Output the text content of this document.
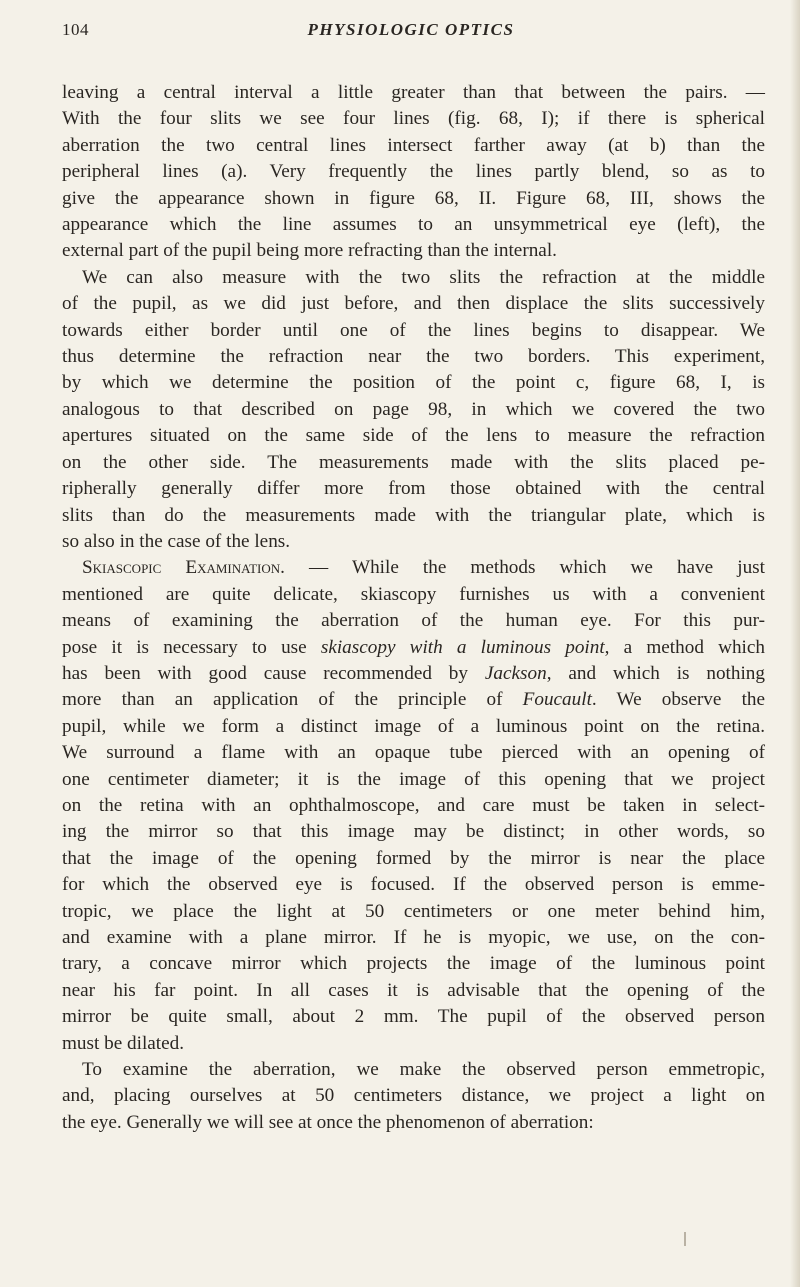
104	PHYSIOLOGIC OPTICS

leaving a central interval a little greater than that between the pairs. —
With the four slits we see four lines (fig. 68, I); if there is spherical
aberration the two central lines intersect farther away (at b) than the
peripheral lines (a). Very frequently the lines partly blend, so as to
give the appearance shown in figure 68, II. Figure 68, III, shows the
appearance which the line assumes to an unsymmetrical eye (left), the
external part of the pupil being more refracting than the internal.

We can also measure with the two slits the refraction at the middle
of the pupil, as we did just before, and then displace the slits successively
towards either border until one of the lines begins to disappear. We
thus determine the refraction near the two borders. This experiment,
by which we determine the position of the point c, figure 68, I, is
analogous to that described on page 98, in which we covered the two
apertures situated on the same side of the lens to measure the refraction
on the other side. The measurements made with the slits placed pe-
ripherally generally differ more from those obtained with the central
slits than do the measurements made with the triangular plate, which is
so also in the case of the lens.

Skiascopic Examination. — While the methods which we have just
mentioned are quite delicate, skiascopy furnishes us with a convenient
means of examining the aberration of the human eye. For this pur-
pose it is necessary to use skiascopy with a luminous point, a method which
has been with good cause recommended by Jackson, and which is nothing
more than an application of the principle of Foucault. We observe the
pupil, while we form a distinct image of a luminous point on the retina.
We surround a flame with an opaque tube pierced with an opening of
one centimeter diameter; it is the image of this opening that we project
on the retina with an ophthalmoscope, and care must be taken in select-
ing the mirror so that this image may be distinct; in other words, so
that the image of the opening formed by the mirror is near the place
for which the observed eye is focused. If the observed person is emme-
tropic, we place the light at 50 centimeters or one meter behind him,
and examine with a plane mirror. If he is myopic, we use, on the con-
trary, a concave mirror which projects the image of the luminous point
near his far point. In all cases it is advisable that the opening of the
mirror be quite small, about 2 mm. The pupil of the observed person
must be dilated.

To examine the aberration, we make the observed person emmetropic,
and, placing ourselves at 50 centimeters distance, we project a light on
the eye. Generally we will see at once the phenomenon of aberration:
